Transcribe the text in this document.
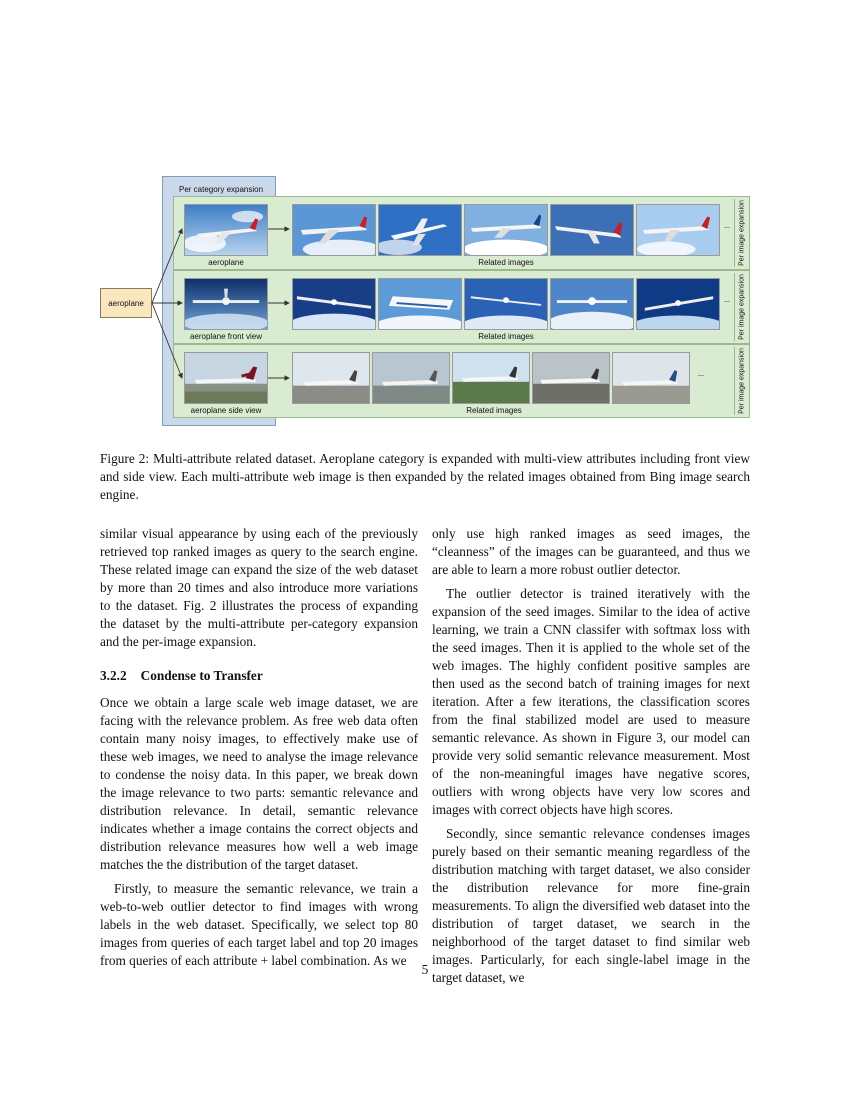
Per category expansion
aeroplane
...
Related images	Per image expansion
aeroplane front view
...
Related images	Per image expansion
aeroplane side view
...
Related images	Per image expansion
aeroplane
Figure 2: Multi-attribute related dataset. Aeroplane category is expanded with multi-view attributes including front view and side view. Each multi-attribute web image is then expanded by the related images obtained from Bing image search engine.

similar visual appearance by using each of the previously retrieved top ranked images as query to the search engine. These related image can expand the size of the web dataset by more than 20 times and also introduce more variations to the dataset. Fig. 2 illustrates the process of expanding the dataset by the multi-attribute per-category expansion and the per-image expansion.

3.2.2 Condense to Transfer

Once we obtain a large scale web image dataset, we are facing with the relevance problem. As free web data often contain many noisy images, to effectively make use of these web images, we need to analyse the image relevance to condense the noisy data. In this paper, we break down the image relevance to two parts: semantic relevance and distribution relevance. In detail, semantic relevance indicates whether a image contains the correct objects and distribution relevance measures how well a web image matches the the distribution of the target dataset.

Firstly, to measure the semantic relevance, we train a web-to-web outlier detector to find images with wrong labels in the web dataset. Specifically, we select top 80 images from queries of each target label and top 20 images from queries of each attribute + label combination. As we

only use high ranked images as seed images, the “cleanness” of the images can be guaranteed, and thus we are able to learn a more robust outlier detector.

The outlier detector is trained iteratively with the expansion of the seed images. Similar to the idea of active learning, we train a CNN classifer with softmax loss with the seed images. Then it is applied to the whole set of the web images. The highly confident positive samples are then used as the second batch of training images for next iteration. After a few iterations, the classification scores from the final stabilized model are used to measure semantic relevance. As shown in Figure 3, our model can provide very solid semantic relevance measurement. Most of the non-meaningful images have negative scores, outliers with wrong objects have very low scores and images with correct objects have high scores.

Secondly, since semantic relevance condenses images purely based on their semantic meaning regardless of the distribution matching with target dataset, we also consider the distribution relevance for more fine-grain measurements. To align the diversified web dataset into the distribution of target dataset, we search in the neighborhood of the target dataset to find similar web images. Particularly, for each single-label image in the target dataset, we

5
